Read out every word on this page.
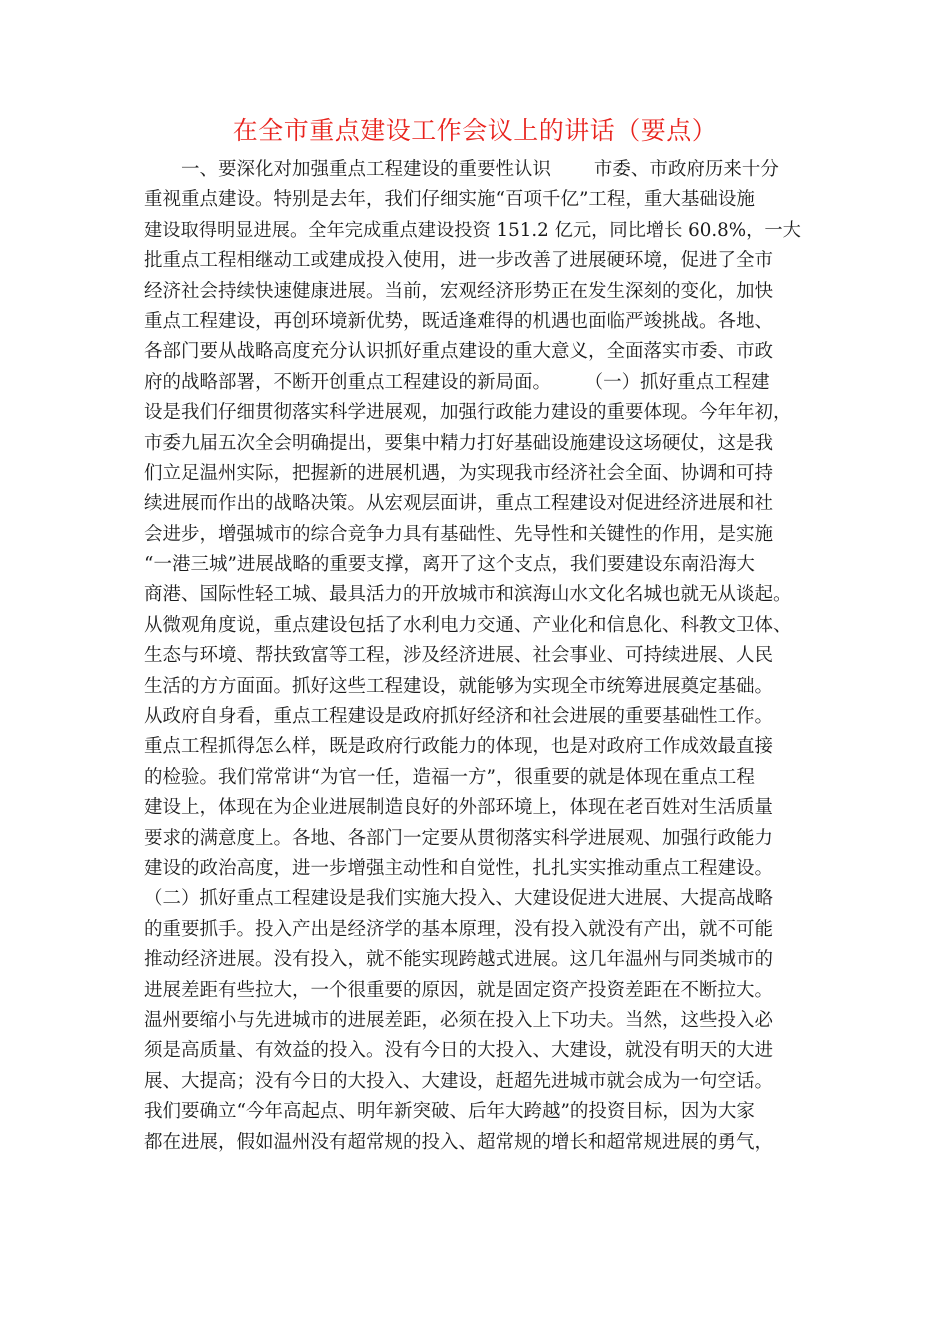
在全市重点建设工作会议上的讲话（要点）
　　一、要深化对加强重点工程建设的重要性认识　　 市委、市政府历来十分
重视重点建设。特别是去年，我们仔细实施“百项千亿”工程，重大基础设施
建设取得明显进展。全年完成重点建设投资 151.2 亿元，同比增长 60.8%，一大
批重点工程相继动工或建成投入使用，进一步改善了进展硬环境，促进了全市
经济社会持续快速健康进展。当前，宏观经济形势正在发生深刻的变化，加快
重点工程建设，再创环境新优势，既适逢难得的机遇也面临严竣挑战。各地、
各部门要从战略高度充分认识抓好重点建设的重大意义，全面落实市委、市政
府的战略部署，不断开创重点工程建设的新局面。　　 （一）抓好重点工程建
设是我们仔细贯彻落实科学进展观，加强行政能力建设的重要体现。今年年初，
市委九届五次全会明确提出，要集中精力打好基础设施建设这场硬仗，这是我
们立足温州实际，把握新的进展机遇，为实现我市经济社会全面、协调和可持
续进展而作出的战略决策。从宏观层面讲，重点工程建设对促进经济进展和社
会进步，增强城市的综合竞争力具有基础性、先导性和关键性的作用，是实施
“一港三城”进展战略的重要支撑，离开了这个支点，我们要建设东南沿海大
商港、国际性轻工城、最具活力的开放城市和滨海山水文化名城也就无从谈起。
从微观角度说，重点建设包括了水利电力交通、产业化和信息化、科教文卫体、
生态与环境、帮扶致富等工程，涉及经济进展、社会事业、可持续进展、人民
生活的方方面面。抓好这些工程建设，就能够为实现全市统筹进展奠定基础。
从政府自身看，重点工程建设是政府抓好经济和社会进展的重要基础性工作。
重点工程抓得怎么样，既是政府行政能力的体现，也是对政府工作成效最直接
的检验。我们常常讲“为官一任，造福一方”，很重要的就是体现在重点工程
建设上，体现在为企业进展制造良好的外部环境上，体现在老百姓对生活质量
要求的满意度上。各地、各部门一定要从贯彻落实科学进展观、加强行政能力
建设的政治高度，进一步增强主动性和自觉性，扎扎实实推动重点工程建设。
（二）抓好重点工程建设是我们实施大投入、大建设促进大进展、大提高战略
的重要抓手。投入产出是经济学的基本原理，没有投入就没有产出，就不可能
推动经济进展。没有投入，就不能实现跨越式进展。这几年温州与同类城市的
进展差距有些拉大，一个很重要的原因，就是固定资产投资差距在不断拉大。
温州要缩小与先进城市的进展差距，必须在投入上下功夫。当然，这些投入必
须是高质量、有效益的投入。没有今日的大投入、大建设，就没有明天的大进
展、大提高；没有今日的大投入、大建设，赶超先进城市就会成为一句空话。
我们要确立“今年高起点、明年新突破、后年大跨越”的投资目标，因为大家
都在进展，假如温州没有超常规的投入、超常规的增长和超常规进展的勇气，
